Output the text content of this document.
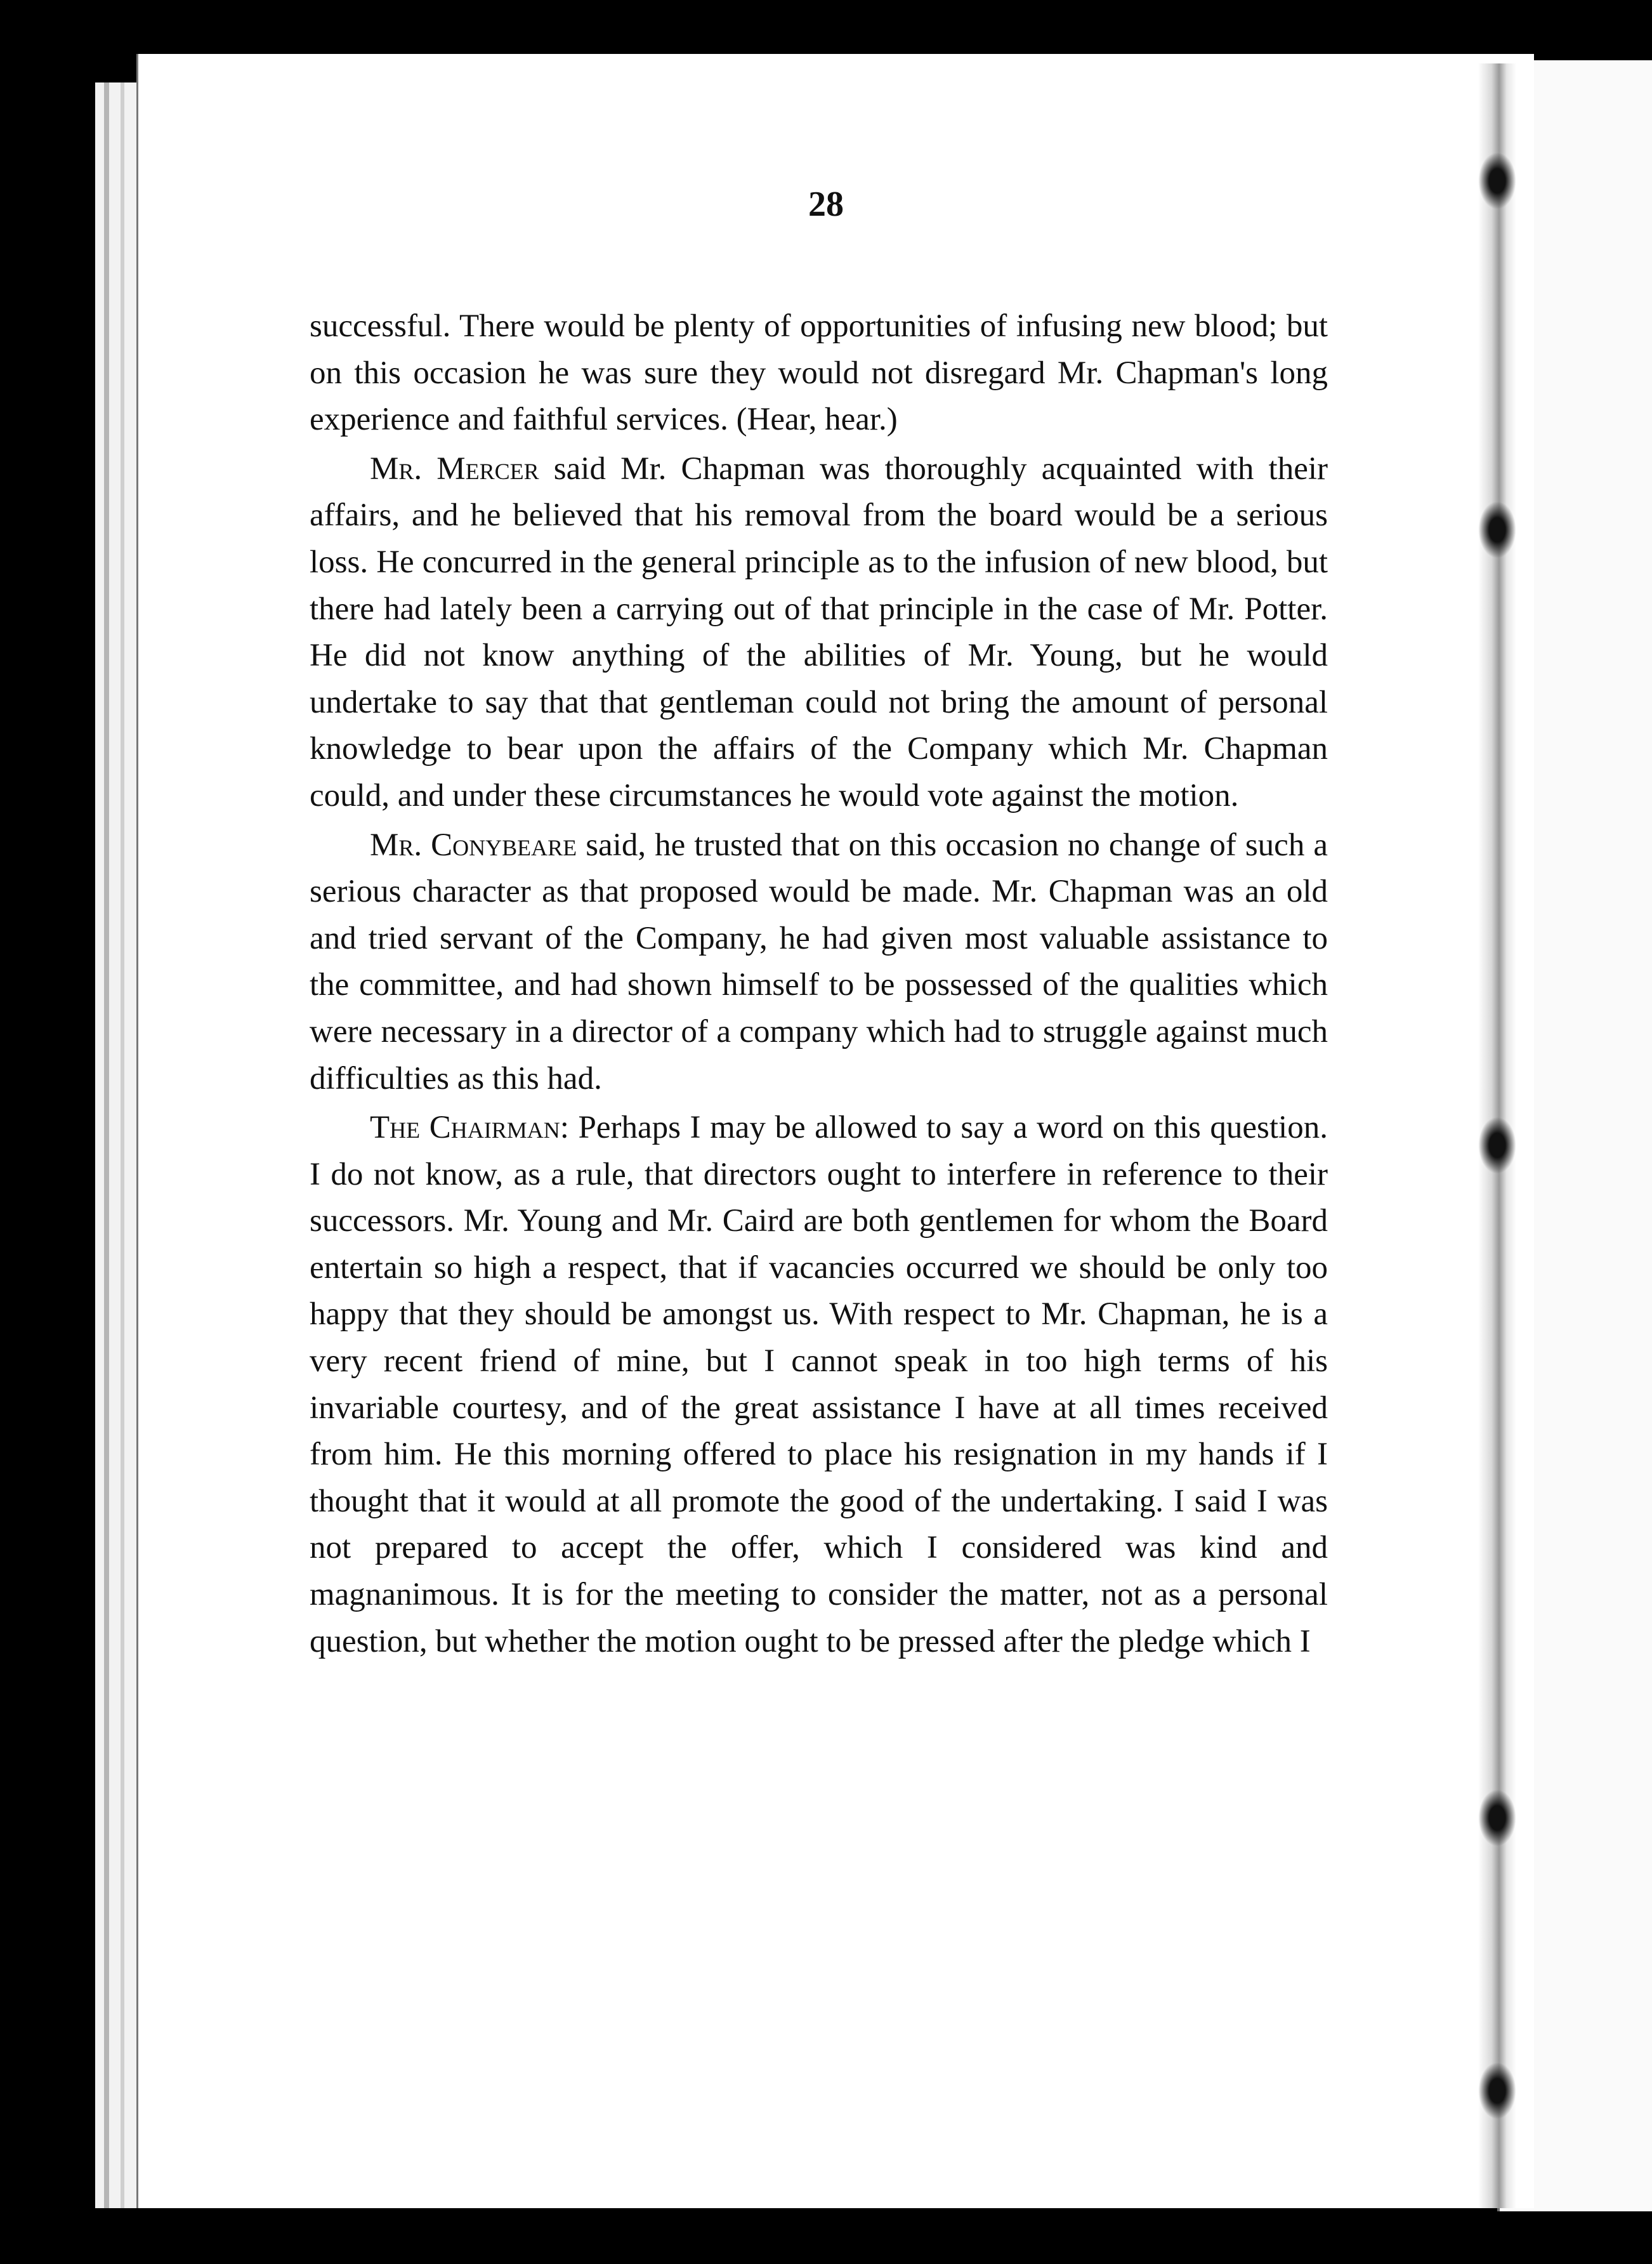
28

successful. There would be plenty of opportunities of infusing new blood; but on this occasion he was sure they would not disregard Mr. Chapman's long experience and faithful services. (Hear, hear.)

Mr. Mercer said Mr. Chapman was thoroughly acquainted with their affairs, and he believed that his removal from the board would be a serious loss. He concurred in the general principle as to the infusion of new blood, but there had lately been a carrying out of that principle in the case of Mr. Potter. He did not know anything of the abilities of Mr. Young, but he would undertake to say that that gentleman could not bring the amount of personal knowledge to bear upon the affairs of the Company which Mr. Chapman could, and under these circumstances he would vote against the motion.

Mr. Conybeare said, he trusted that on this occasion no change of such a serious character as that proposed would be made. Mr. Chapman was an old and tried servant of the Company, he had given most valuable assistance to the committee, and had shown himself to be possessed of the qualities which were necessary in a director of a company which had to struggle against much difficulties as this had.

The Chairman: Perhaps I may be allowed to say a word on this question. I do not know, as a rule, that directors ought to interfere in reference to their successors. Mr. Young and Mr. Caird are both gentlemen for whom the Board entertain so high a respect, that if vacancies occurred we should be only too happy that they should be amongst us. With respect to Mr. Chapman, he is a very recent friend of mine, but I cannot speak in too high terms of his invariable courtesy, and of the great assistance I have at all times received from him. He this morning offered to place his resignation in my hands if I thought that it would at all promote the good of the undertaking. I said I was not prepared to accept the offer, which I considered was kind and magnanimous. It is for the meeting to consider the matter, not as a personal question, but whether the motion ought to be pressed after the pledge which I
